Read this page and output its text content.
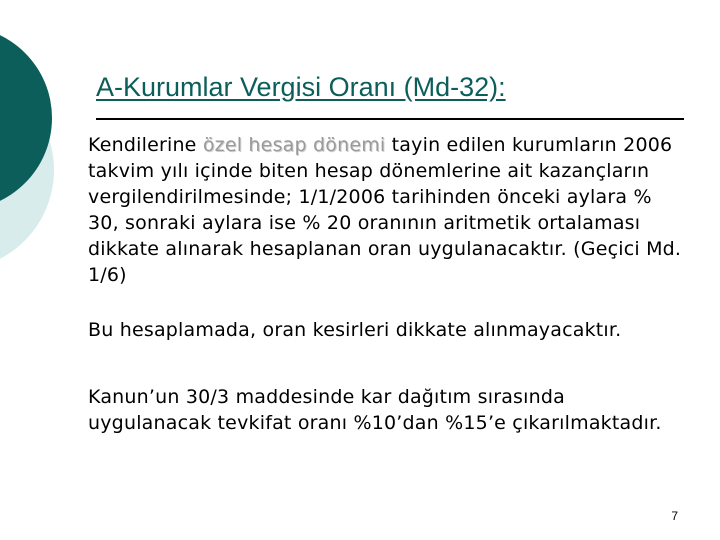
A-Kurumlar Vergisi Oranı (Md-32):

Kendilerine özel hesap dönemi tayin edilen kurumların 2006 takvim yılı içinde biten hesap dönemlerine ait kazançların vergilendirilmesinde; 1/1/2006 tarihinden önceki aylara % 30, sonraki aylara ise % 20 oranının aritmetik ortalaması dikkate alınarak hesaplanan oran uygulanacaktır. (Geçici Md. 1/6)

Bu hesaplamada, oran kesirleri dikkate alınmayacaktır.

Kanun’un 30/3 maddesinde kar dağıtım sırasında uygulanacak tevkifat oranı %10’dan %15’e çıkarılmaktadır.

7
